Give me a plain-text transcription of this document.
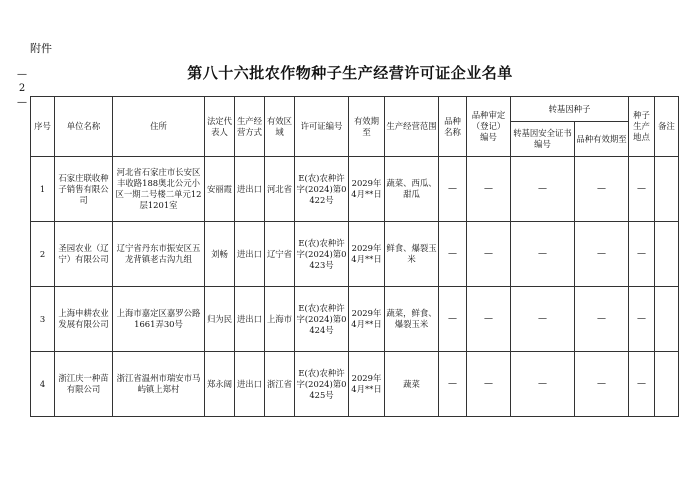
附件
— 2 —
第八十六批农作物种子生产经营许可证企业名单
序号	单位名称	住所	法定代表人	生产经营方式	有效区域	许可证编号	有效期至	生产经营范围	品种名称	品种审定（登记）编号	转基因种子		种子生产地点	备注
											转基因安全证书编号	品种有效期至		
1	石家庄联收种子销售有限公司	河北省石家庄市长安区丰收路188奥北公元小区一期二号楼二单元12层1201室	安丽霞	进出口	河北省	E(农)农种许字(2024)第0422号	2029年4月**日	蔬菜、西瓜、甜瓜	—	—	—	—	—	
2	圣园农业（辽宁）有限公司	辽宁省丹东市振安区五龙背镇老古沟九组	刘畅	进出口	辽宁省	E(农)农种许字(2024)第0423号	2029年4月**日	鲜食、爆裂玉米	—	—	—	—	—	
3	上海申耕农业发展有限公司	上海市嘉定区嘉罗公路1661弄30号	归为民	进出口	上海市	E(农)农种许字(2024)第0424号	2029年4月**日	蔬菜，鲜食、爆裂玉米	—	—	—	—	—	
4	浙江庆一种苗有限公司	浙江省温州市瑞安市马屿镇上郑村	郑永阔	进出口	浙江省	E(农)农种许字(2024)第0425号	2029年4月**日	蔬菜	—	—	—	—	—	
